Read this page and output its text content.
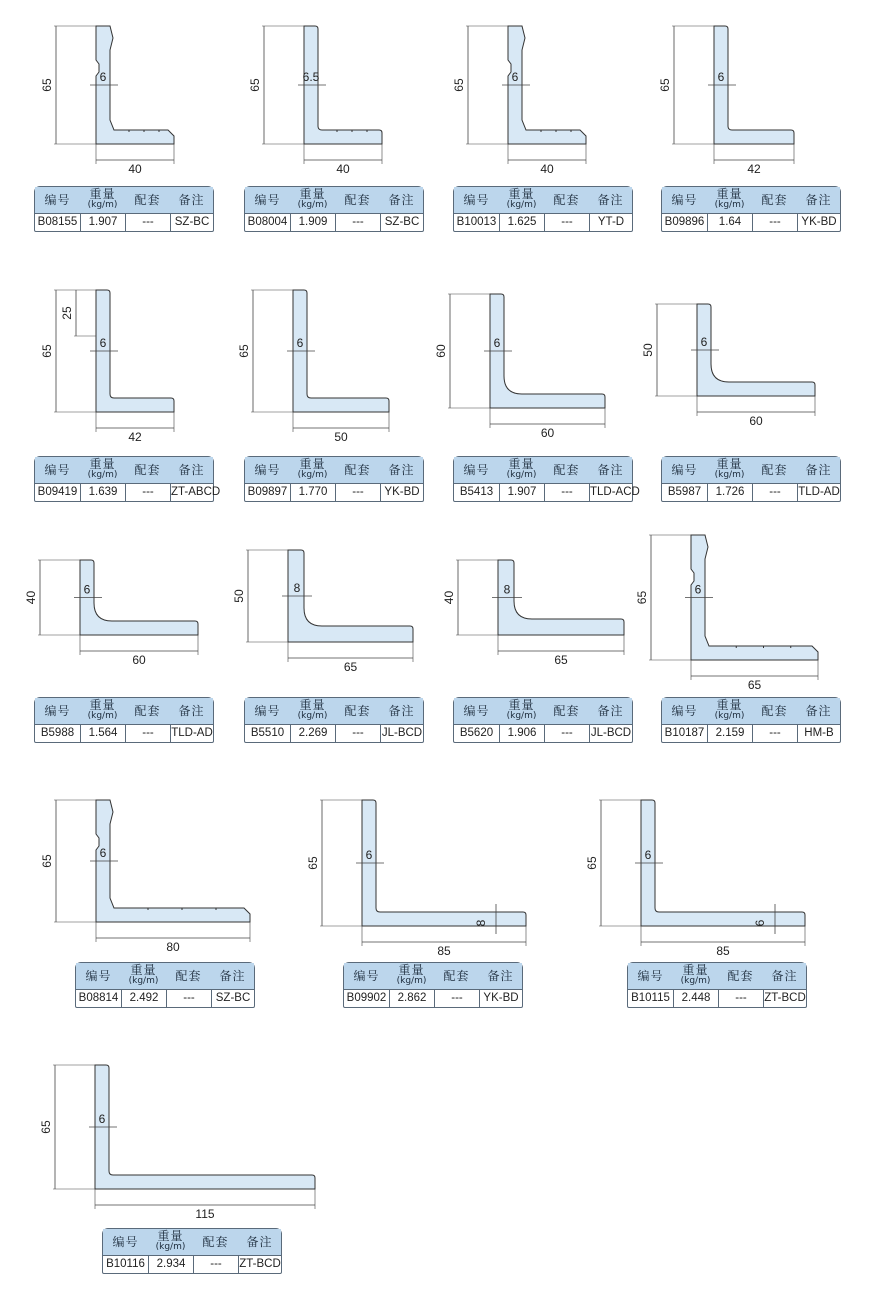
65
40
6
65
40
6.5
65
40
6
65
42
6
65
42
6
25
65
50
6
60
60
6	50
60
6
40
60
6	50
65
8
40
65
8
65
65
6
65
80
6
65
85
6
8
65
85
6
6
65
115
6
编号	重量
(kg/m)	配套	备注
B08155 1.907	---	SZ-BC
编号	重量
(kg/m)	配套	备注
B08004 1.909	---	SZ-BC
编号	重量
(kg/m)	配套	备注
B10013 1.625	---	YT-D
编号	重量
(kg/m)	配套	备注
B09896	1.64	---	YK-BD
编号	重量
(kg/m)	配套	备注
B09419 1.639	---	ZT-ABCD
编号	重量
(kg/m)	配套	备注
B09897 1.770	---	YK-BD
编号	重量
(kg/m)	配套	备注
B5413	1.907	---	TLD-ACD
编号	重量
(kg/m)	配套	备注
B5987	1.726	---	TLD-AD
编号	重量
(kg/m)	配套	备注
B5988	1.564	---	TLD-AD
编号	重量
(kg/m)	配套	备注
B5510	2.269	---	JL-BCD
编号	重量
(kg/m)	配套	备注
B5620	1.906	---	JL-BCD
编号	重量
(kg/m)	配套	备注
B10187 2.159	---	HM-B
编号	重量
(kg/m)	配套	备注
B08814 2.492	---	SZ-BC
编号	重量
(kg/m)	配套	备注
B09902 2.862	---	YK-BD
编号	重量
(kg/m)	配套	备注
B10115	2.448	---	ZT-BCD
编号	重量
(kg/m)	配套	备注
B10116	2.934	---	ZT-BCD
